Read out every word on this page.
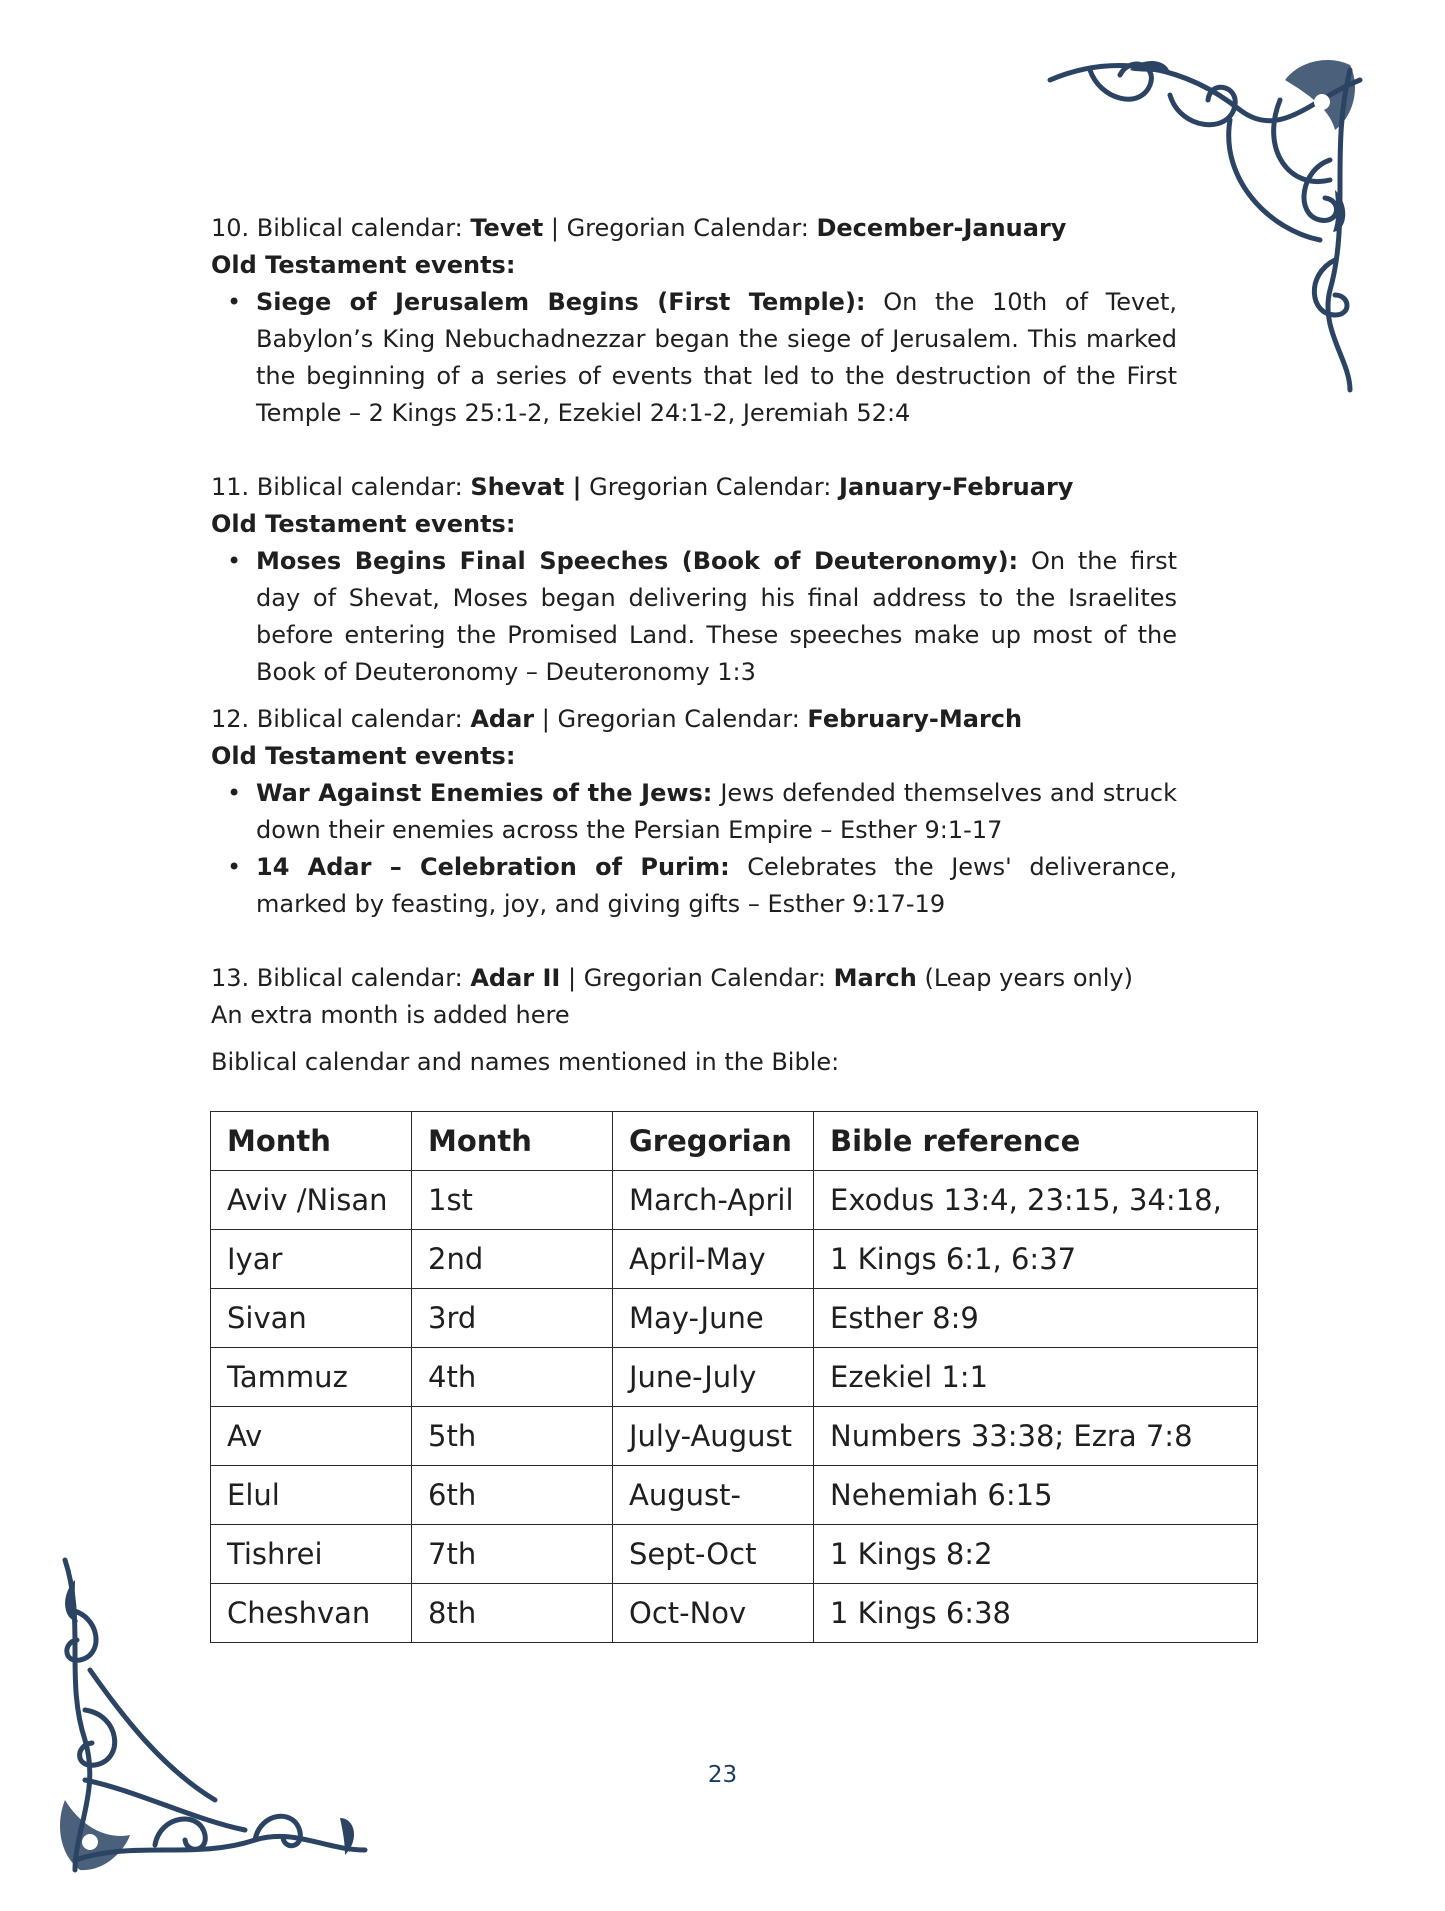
10. Biblical calendar: Tevet | Gregorian Calendar: December-January

Old Testament events:

• Siege of Jerusalem Begins (First Temple): On the 10th of Tevet, Babylon’s King Nebuchadnezzar began the siege of Jerusalem. This marked the beginning of a series of events that led to the destruction of the First Temple – 2 Kings 25:1-2, Ezekiel 24:1-2, Jeremiah 52:4

11. Biblical calendar: Shevat | Gregorian Calendar: January-February

Old Testament events:

• Moses Begins Final Speeches (Book of Deuteronomy): On the first day of Shevat, Moses began delivering his final address to the Israelites before entering the Promised Land. These speeches make up most of the Book of Deuteronomy – Deuteronomy 1:3

12. Biblical calendar: Adar | Gregorian Calendar: February-March

Old Testament events:

• War Against Enemies of the Jews: Jews defended themselves and struck down their enemies across the Persian Empire – Esther 9:1-17
• 14 Adar – Celebration of Purim: Celebrates the Jews' deliverance, marked by feasting, joy, and giving gifts – Esther 9:17-19

13. Biblical calendar: Adar II | Gregorian Calendar: March (Leap years only)

An extra month is added here

Biblical calendar and names mentioned in the Bible:

Month	Month	Gregorian	Bible reference
Aviv /Nisan	1st	March-April	Exodus 13:4, 23:15, 34:18,
Iyar	2nd	April-May	1 Kings 6:1, 6:37
Sivan	3rd	May-June	Esther 8:9
Tammuz	4th	June-July	Ezekiel 1:1
Av	5th	July-August	Numbers 33:38; Ezra 7:8
Elul	6th	August-	Nehemiah 6:15
Tishrei	7th	Sept-Oct	1 Kings 8:2
Cheshvan	8th	Oct-Nov	1 Kings 6:38
23
